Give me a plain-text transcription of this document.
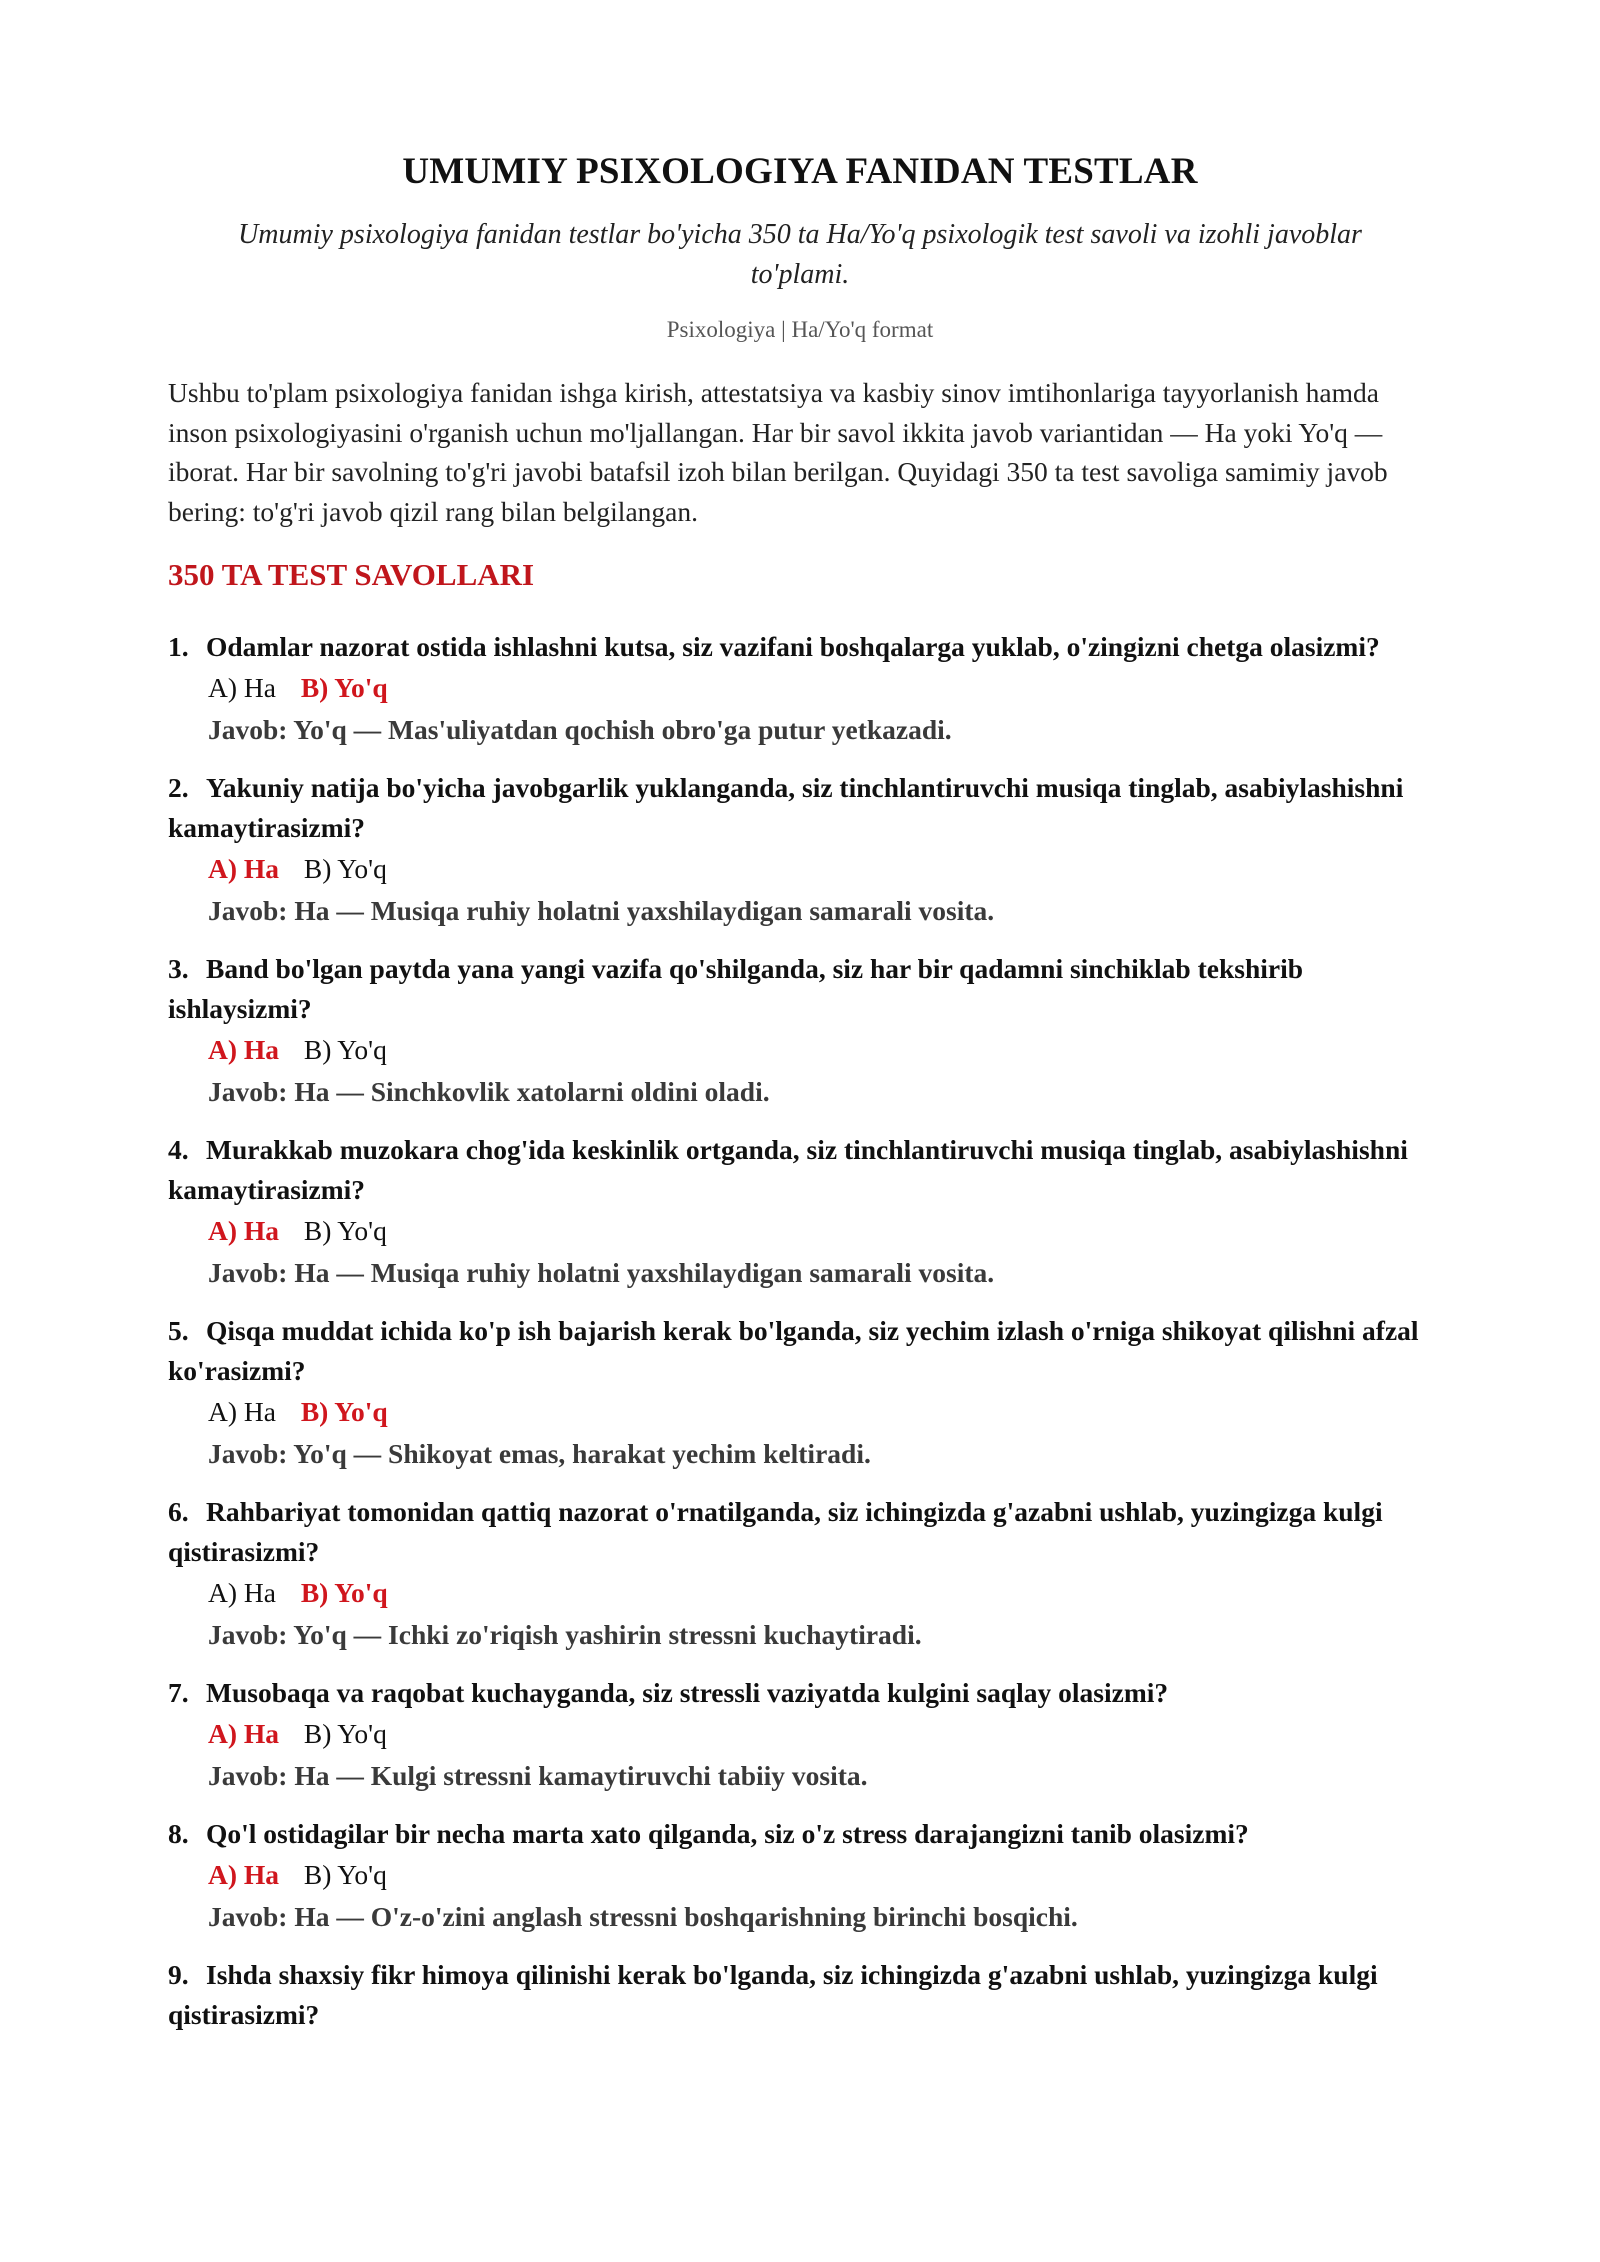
UMUMIY PSIXOLOGIYA FANIDAN TESTLAR

Umumiy psixologiya fanidan testlar bo'yicha 350 ta Ha/Yo'q psixologik test savoli va izohli javoblar to'plami.

Psixologiya | Ha/Yo'q format

Ushbu to'plam psixologiya fanidan ishga kirish, attestatsiya va kasbiy sinov imtihonlariga tayyorlanish hamda inson psixologiyasini o'rganish uchun mo'ljallangan. Har bir savol ikkita javob variantidan — Ha yoki Yo'q — iborat. Har bir savolning to'g'ri javobi batafsil izoh bilan berilgan. Quyidagi 350 ta test savoliga samimiy javob bering: to'g'ri javob qizil rang bilan belgilangan.

350 TA TEST SAVOLLARI
1. Odamlar nazorat ostida ishlashni kutsa, siz vazifani boshqalarga yuklab, o'zingizni chetga olasizmi?
A) Ha B) Yo'q
Javob: Yo'q — Mas'uliyatdan qochish obro'ga putur yetkazadi.
2. Yakuniy natija bo'yicha javobgarlik yuklanganda, siz tinchlantiruvchi musiqa tinglab, asabiylashishni kamaytirasizmi?
A) Ha B) Yo'q
Javob: Ha — Musiqa ruhiy holatni yaxshilaydigan samarali vosita.
3. Band bo'lgan paytda yana yangi vazifa qo'shilganda, siz har bir qadamni sinchiklab tekshirib ishlaysizmi?
A) Ha B) Yo'q
Javob: Ha — Sinchkovlik xatolarni oldini oladi.
4. Murakkab muzokara chog'ida keskinlik ortganda, siz tinchlantiruvchi musiqa tinglab, asabiylashishni kamaytirasizmi?
A) Ha B) Yo'q
Javob: Ha — Musiqa ruhiy holatni yaxshilaydigan samarali vosita.
5. Qisqa muddat ichida ko'p ish bajarish kerak bo'lganda, siz yechim izlash o'rniga shikoyat qilishni afzal ko'rasizmi?
A) Ha B) Yo'q
Javob: Yo'q — Shikoyat emas, harakat yechim keltiradi.
6. Rahbariyat tomonidan qattiq nazorat o'rnatilganda, siz ichingizda g'azabni ushlab, yuzingizga kulgi qistirasizmi?
A) Ha B) Yo'q
Javob: Yo'q — Ichki zo'riqish yashirin stressni kuchaytiradi.
7. Musobaqa va raqobat kuchayganda, siz stressli vaziyatda kulgini saqlay olasizmi?
A) Ha B) Yo'q
Javob: Ha — Kulgi stressni kamaytiruvchi tabiiy vosita.
8. Qo'l ostidagilar bir necha marta xato qilganda, siz o'z stress darajangizni tanib olasizmi?
A) Ha B) Yo'q
Javob: Ha — O'z-o'zini anglash stressni boshqarishning birinchi bosqichi.
9. Ishda shaxsiy fikr himoya qilinishi kerak bo'lganda, siz ichingizda g'azabni ushlab, yuzingizga kulgi qistirasizmi?
